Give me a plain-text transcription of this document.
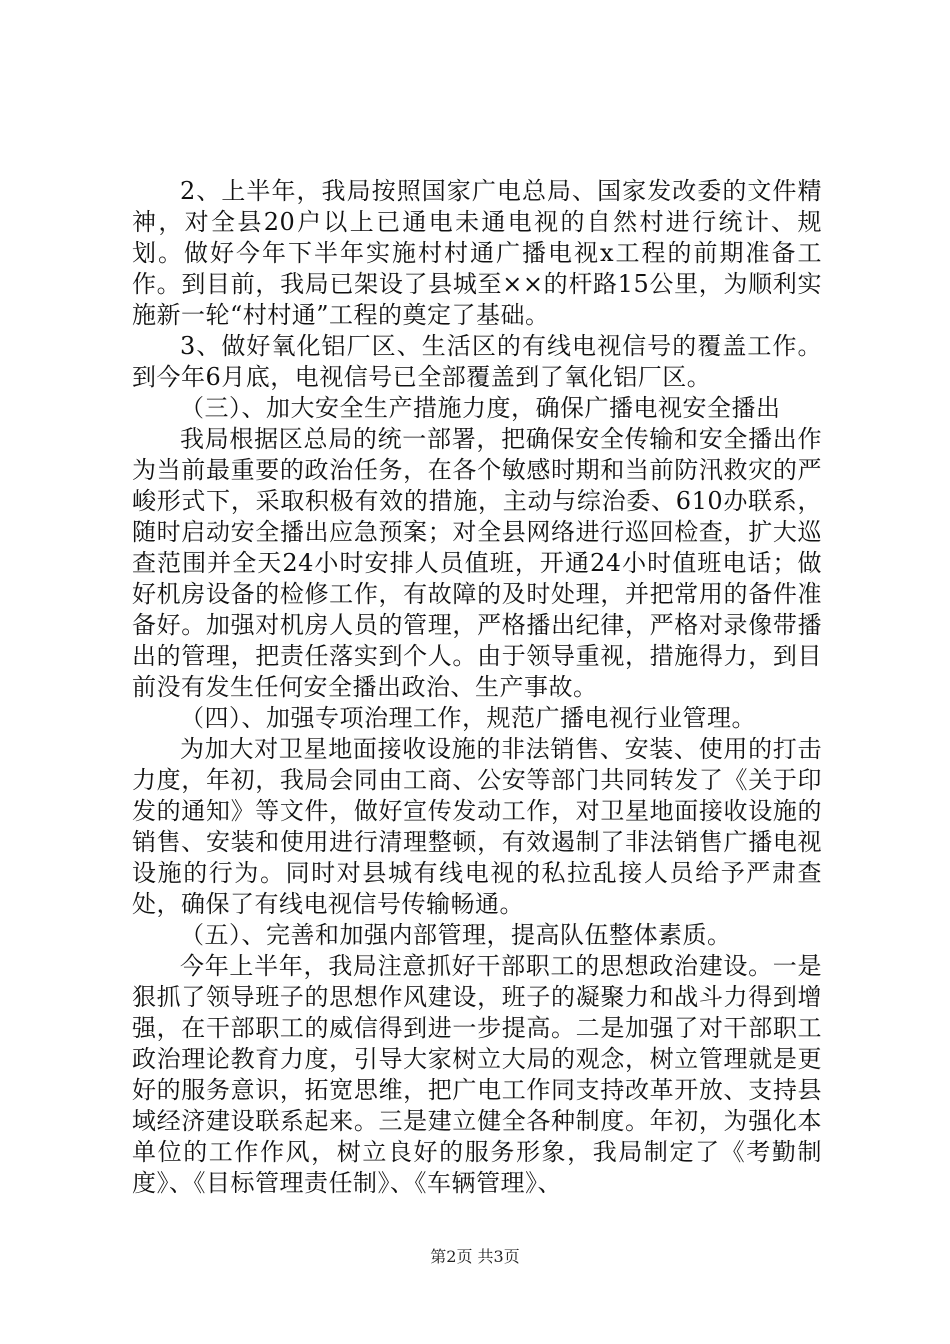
2、上半年，我局按照国家广电总局、国家发改委的文件精神，对全县20户以上已通电未通电视的自然村进行统计、规划。做好今年下半年实施村村通广播电视x工程的前期准备工作。到目前，我局已架设了县城至××的杆路15公里，为顺利实施新一轮“村村通”工程的奠定了基础。

3、做好氧化铝厂区、生活区的有线电视信号的覆盖工作。到今年6月底，电视信号已全部覆盖到了氧化铝厂区。

（三）、加大安全生产措施力度，确保广播电视安全播出

我局根据区总局的统一部署，把确保安全传输和安全播出作为当前最重要的政治任务，在各个敏感时期和当前防汛救灾的严峻形式下，采取积极有效的措施，主动与综治委、610办联系，随时启动安全播出应急预案；对全县网络进行巡回检查，扩大巡查范围并全天24小时安排人员值班，开通24小时值班电话；做好机房设备的检修工作，有故障的及时处理，并把常用的备件准备好。加强对机房人员的管理，严格播出纪律，严格对录像带播出的管理，把责任落实到个人。由于领导重视，措施得力，到目前没有发生任何安全播出政治、生产事故。

（四）、加强专项治理工作，规范广播电视行业管理。

为加大对卫星地面接收设施的非法销售、安装、使用的打击力度，年初，我局会同由工商、公安等部门共同转发了《关于印发的通知》等文件，做好宣传发动工作，对卫星地面接收设施的销售、安装和使用进行清理整顿，有效遏制了非法销售广播电视设施的行为。同时对县城有线电视的私拉乱接人员给予严肃查处，确保了有线电视信号传输畅通。

（五）、完善和加强内部管理，提高队伍整体素质。

今年上半年，我局注意抓好干部职工的思想政治建设。一是狠抓了领导班子的思想作风建设，班子的凝聚力和战斗力得到增强，在干部职工的威信得到进一步提高。二是加强了对干部职工政治理论教育力度，引导大家树立大局的观念，树立管理就是更好的服务意识，拓宽思维，把广电工作同支持改革开放、支持县域经济建设联系起来。三是建立健全各种制度。年初，为强化本单位的工作作风，树立良好的服务形象，我局制定了《考勤制度》、《目标管理责任制》、《车辆管理》、

第2页 共3页
